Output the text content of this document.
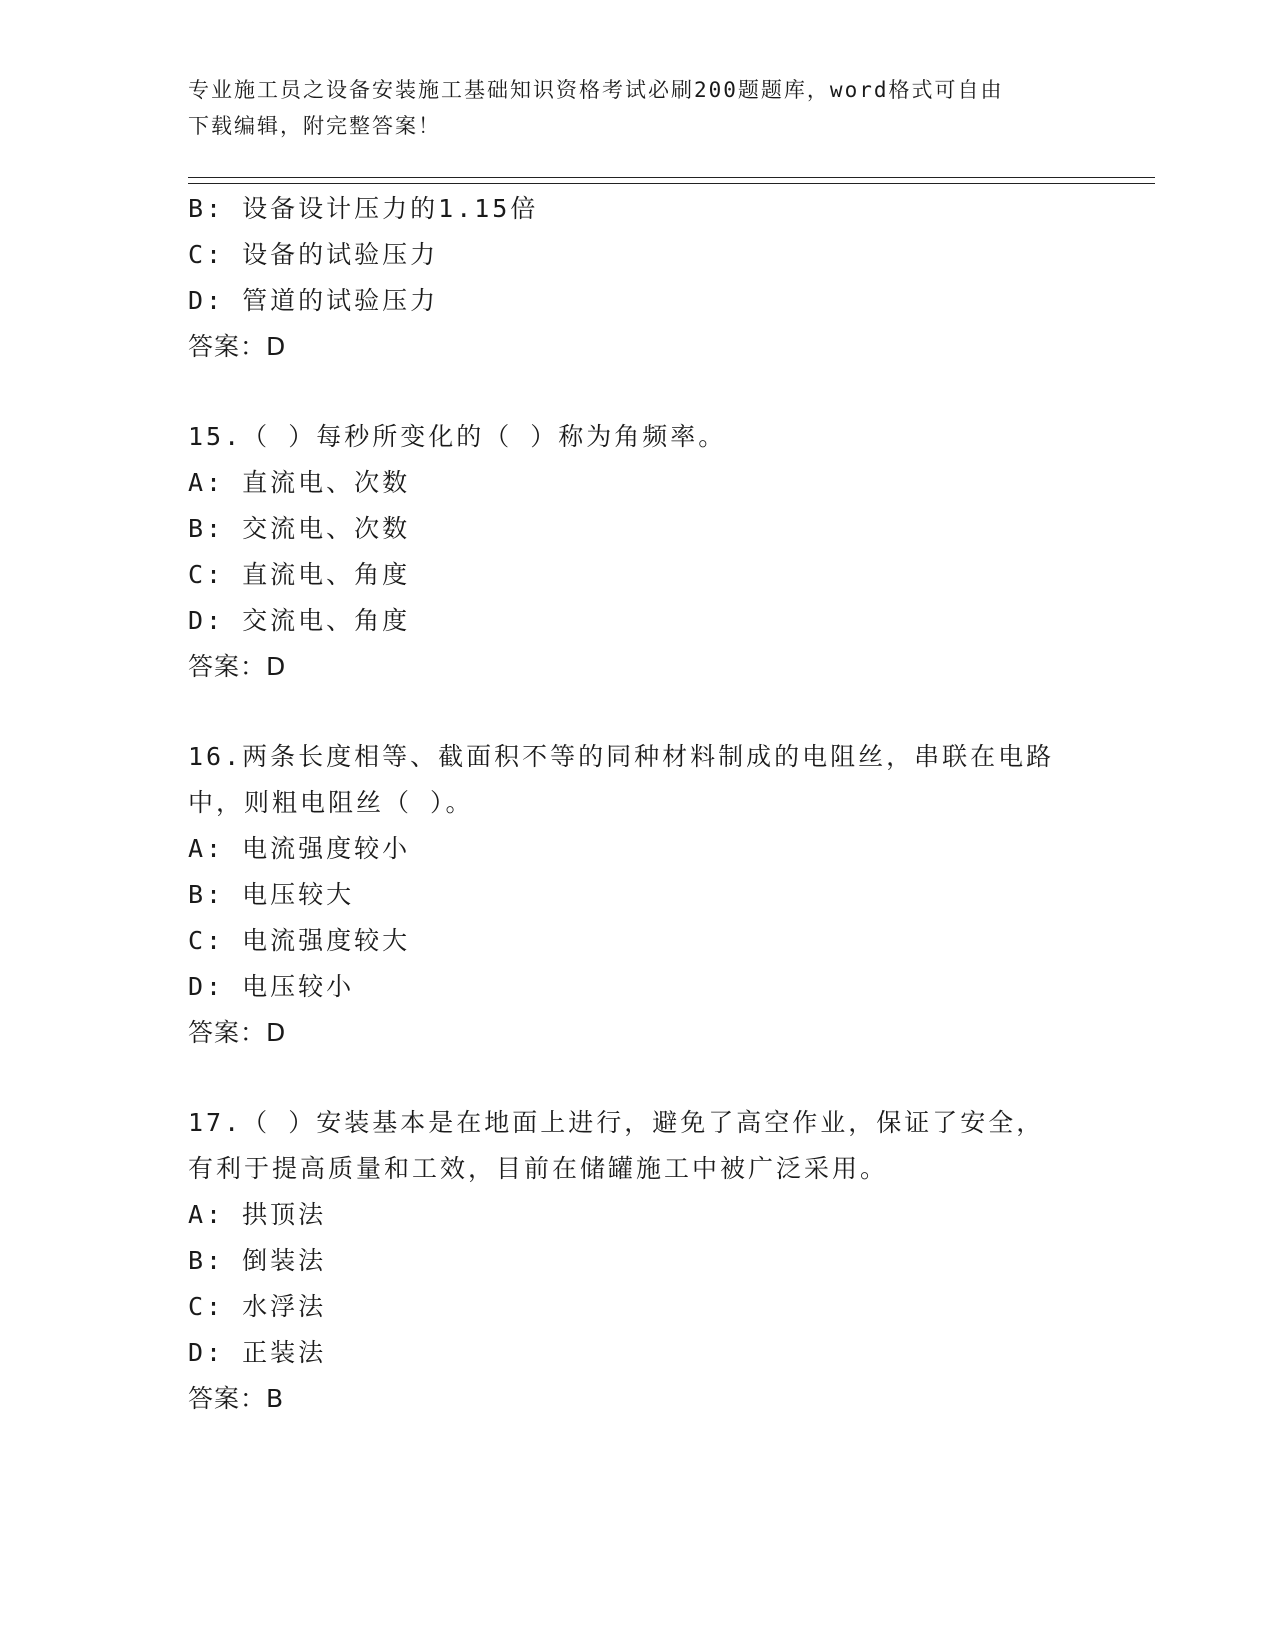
专业施工员之设备安装施工基础知识资格考试必刷200题题库，word格式可自由
下载编辑，附完整答案！
B: 设备设计压力的1.15倍
C: 设备的试验压力
D: 管道的试验压力
答案：D
15.（ ）每秒所变化的（ ）称为角频率。
A: 直流电、次数
B: 交流电、次数
C: 直流电、角度
D: 交流电、角度
答案：D
16.两条长度相等、截面积不等的同种材料制成的电阻丝，串联在电路
中，则粗电阻丝（ ）。
A: 电流强度较小
B: 电压较大
C: 电流强度较大
D: 电压较小
答案：D
17.（ ）安装基本是在地面上进行，避免了高空作业，保证了安全，
有利于提高质量和工效，目前在储罐施工中被广泛采用。
A: 拱顶法
B: 倒装法
C: 水浮法
D: 正装法
答案：B
